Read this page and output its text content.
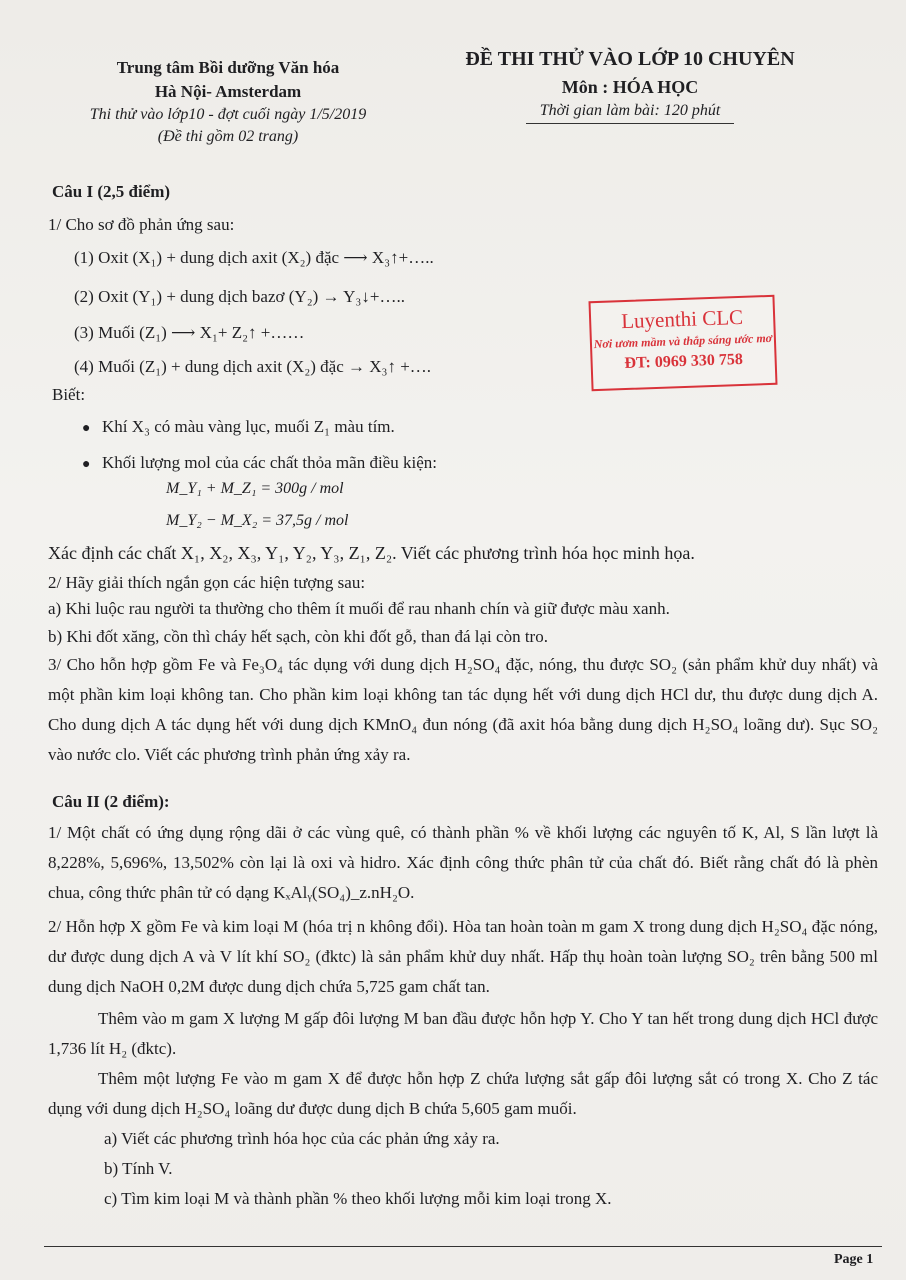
Trung tâm Bồi dưỡng Văn hóa
Hà Nội- Amsterdam
Thi thử vào lớp10 - đợt cuối ngày 1/5/2019
(Đề thi gồm 02 trang)
ĐỀ THI THỬ VÀO LỚP 10 CHUYÊN
Môn : HÓA HỌC
Thời gian làm bài: 120 phút
Luyenthi CLC
Nơi ươm mầm và thắp sáng ước mơ
ĐT: 0969 330 758
Câu I (2,5 điểm)
1/ Cho sơ đồ phản ứng sau:
(1) Oxit (X₁) + dung dịch axit (X₂) đặc ⟶ X₃↑+…..
(2) Oxit (Y₁) + dung dịch bazơ (Y₂) → Y₃↓+…..
(3) Muối (Z₁) ⟶ X₁+ Z₂↑ +……
(4) Muối (Z₁) + dung dịch axit (X₂) đặc → X₃↑ +….
Biết:
● Khí X₃ có màu vàng lục, muối Z₁ màu tím.
● Khối lượng mol của các chất thỏa mãn điều kiện:
M_Y₁ + M_Z₁ = 300g / mol
M_Y₂ − M_X₂ = 37,5g / mol
Xác định các chất X₁, X₂, X₃, Y₁, Y₂, Y₃, Z₁, Z₂. Viết các phương trình hóa học minh họa.
2/ Hãy giải thích ngắn gọn các hiện tượng sau:
a) Khi luộc rau người ta thường cho thêm ít muối để rau nhanh chín và giữ được màu xanh.
b) Khi đốt xăng, cồn thì cháy hết sạch, còn khi đốt gỗ, than đá lại còn tro.
3/ Cho hỗn hợp gồm Fe và Fe₃O₄ tác dụng với dung dịch H₂SO₄ đặc, nóng, thu được SO₂ (sản phẩm khử duy nhất) và một phần kim loại không tan. Cho phần kim loại không tan tác dụng hết với dung dịch HCl dư, thu được dung dịch A. Cho dung dịch A tác dụng hết với dung dịch KMnO₄ đun nóng (đã axit hóa bằng dung dịch H₂SO₄ loãng dư). Sục SO₂ vào nước clo. Viết các phương trình phản ứng xảy ra.
Câu II (2 điểm):
1/ Một chất có ứng dụng rộng dãi ở các vùng quê, có thành phần % về khối lượng các nguyên tố K, Al, S lần lượt là 8,228%, 5,696%, 13,502% còn lại là oxi và hidro. Xác định công thức phân tử của chất đó. Biết rằng chất đó là phèn chua, công thức phân tử có dạng KₓAlᵧ(SO₄)_z.nH₂O.
2/ Hỗn hợp X gồm Fe và kim loại M (hóa trị n không đổi). Hòa tan hoàn toàn m gam X trong dung dịch H₂SO₄ đặc nóng, dư được dung dịch A và V lít khí SO₂ (đktc) là sản phẩm khử duy nhất. Hấp thụ hoàn toàn lượng SO₂ trên bằng 500 ml dung dịch NaOH 0,2M được dung dịch chứa 5,725 gam chất tan.
Thêm vào m gam X lượng M gấp đôi lượng M ban đầu được hỗn hợp Y. Cho Y tan hết trong dung dịch HCl được 1,736 lít H₂ (đktc).
Thêm một lượng Fe vào m gam X để được hỗn hợp Z chứa lượng sắt gấp đôi lượng sắt có trong X. Cho Z tác dụng với dung dịch H₂SO₄ loãng dư được dung dịch B chứa 5,605 gam muối.
a) Viết các phương trình hóa học của các phản ứng xảy ra.
b) Tính V.
c) Tìm kim loại M và thành phần % theo khối lượng mỗi kim loại trong X.
Page 1
